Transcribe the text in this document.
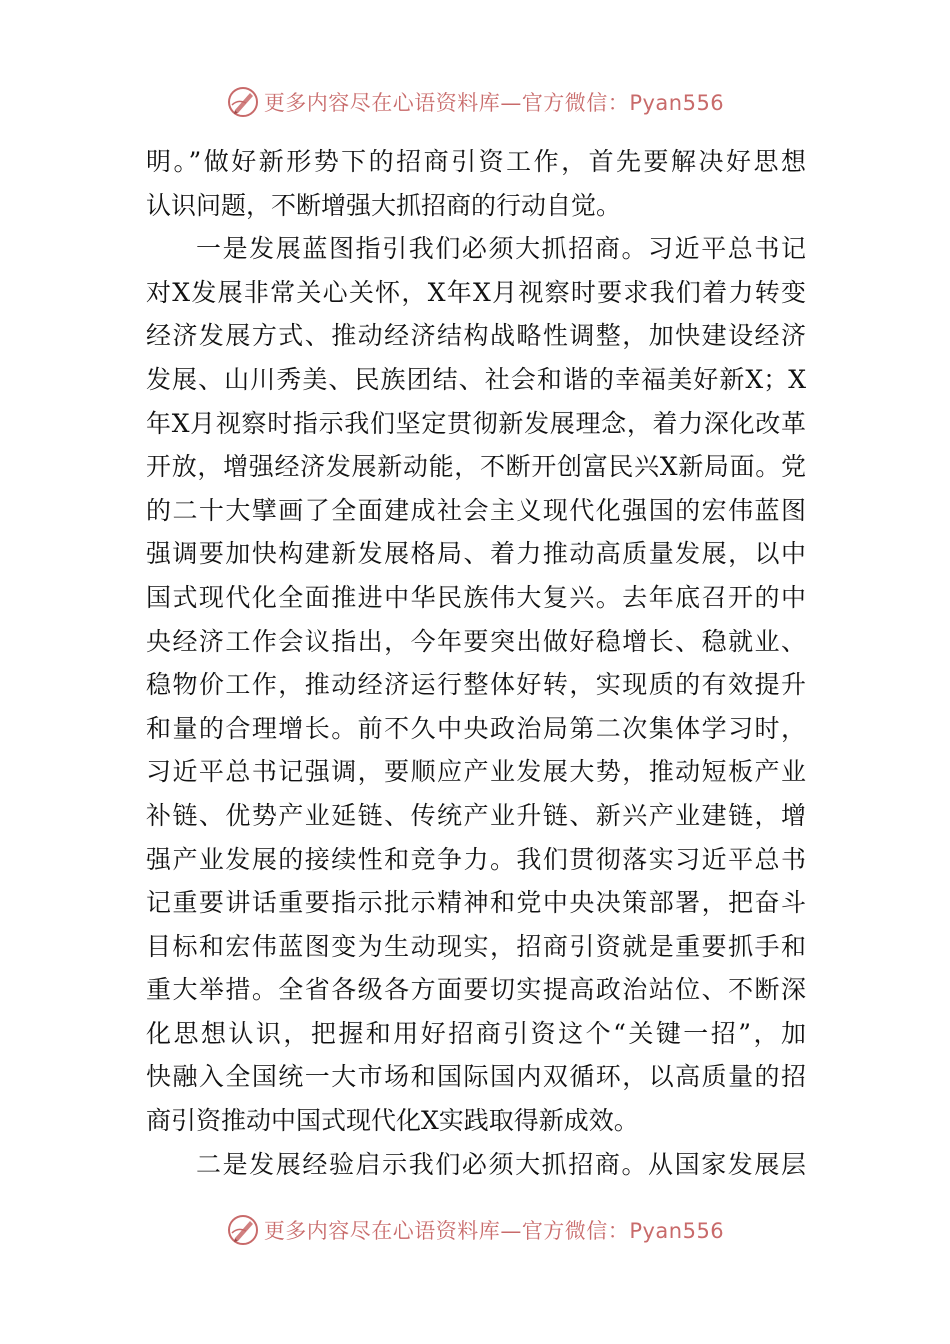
更多内容尽在心语资料库—官方微信：Pyan556
明。”做好新形势下的招商引资工作，首先要解决好思想
认识问题，不断增强大抓招商的行动自觉。
一是发展蓝图指引我们必须大抓招商。习近平总书记
对X发展非常关心关怀，X年X月视察时要求我们着力转变
经济发展方式、推动经济结构战略性调整，加快建设经济
发展、山川秀美、民族团结、社会和谐的幸福美好新X；X
年X月视察时指示我们坚定贯彻新发展理念，着力深化改革
开放，增强经济发展新动能，不断开创富民兴X新局面。党
的二十大擘画了全面建成社会主义现代化强国的宏伟蓝图
强调要加快构建新发展格局、着力推动高质量发展，以中
国式现代化全面推进中华民族伟大复兴。去年底召开的中
央经济工作会议指出，今年要突出做好稳增长、稳就业、
稳物价工作，推动经济运行整体好转，实现质的有效提升
和量的合理增长。前不久中央政治局第二次集体学习时，
习近平总书记强调，要顺应产业发展大势，推动短板产业
补链、优势产业延链、传统产业升链、新兴产业建链，增
强产业发展的接续性和竞争力。我们贯彻落实习近平总书
记重要讲话重要指示批示精神和党中央决策部署，把奋斗
目标和宏伟蓝图变为生动现实，招商引资就是重要抓手和
重大举措。全省各级各方面要切实提高政治站位、不断深
化思想认识，把握和用好招商引资这个“关键一招”，加
快融入全国统一大市场和国际国内双循环，以高质量的招
商引资推动中国式现代化X实践取得新成效。
二是发展经验启示我们必须大抓招商。从国家发展层
更多内容尽在心语资料库—官方微信：Pyan556
